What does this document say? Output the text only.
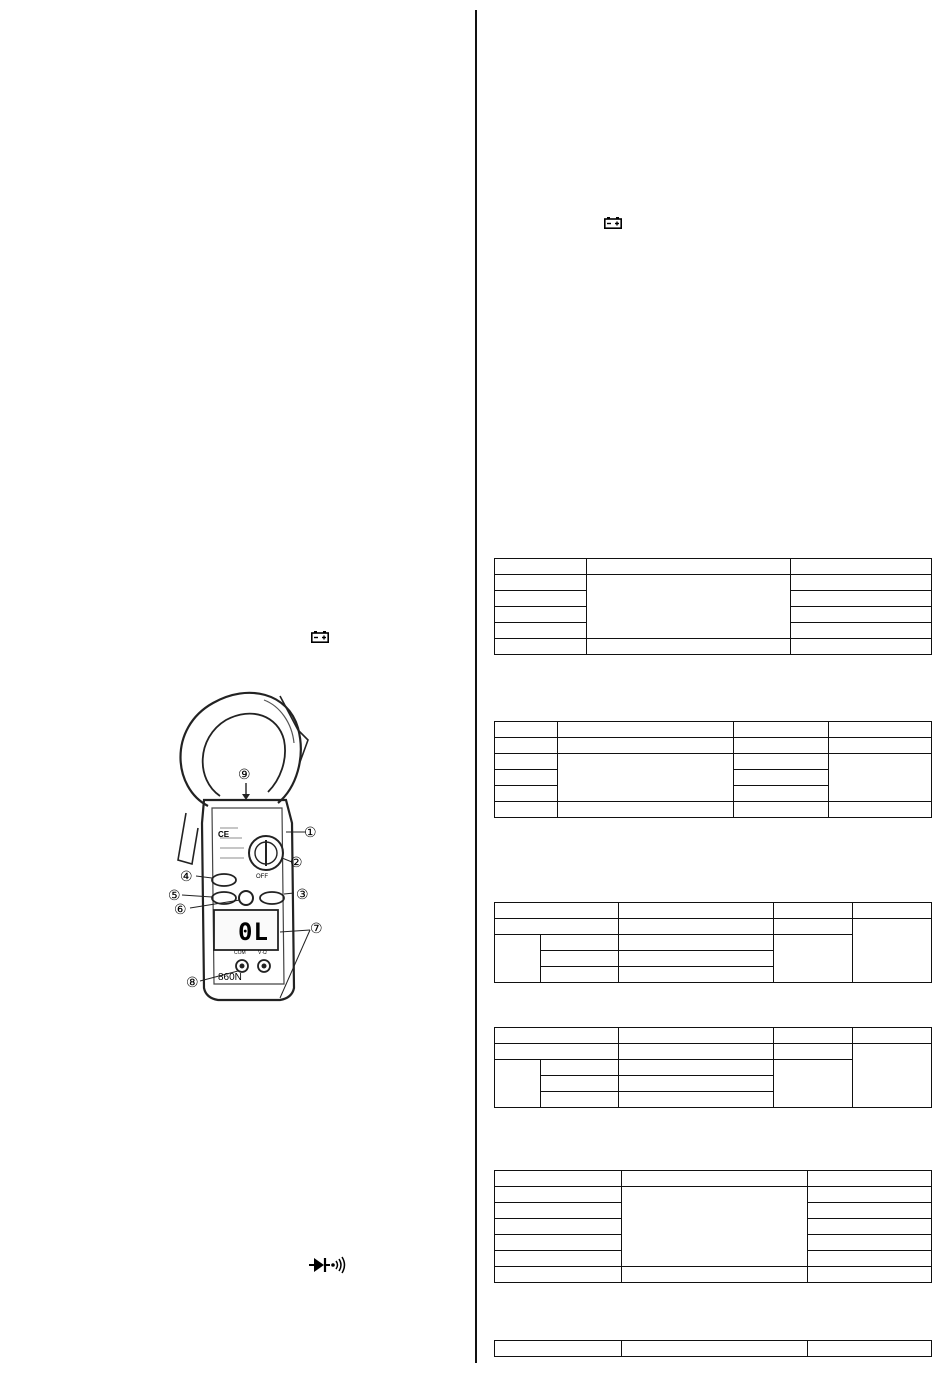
0L
860N
CE
OFF
COM V·Ω
①
②
③
④
⑤
⑥
⑦
⑧
⑨
